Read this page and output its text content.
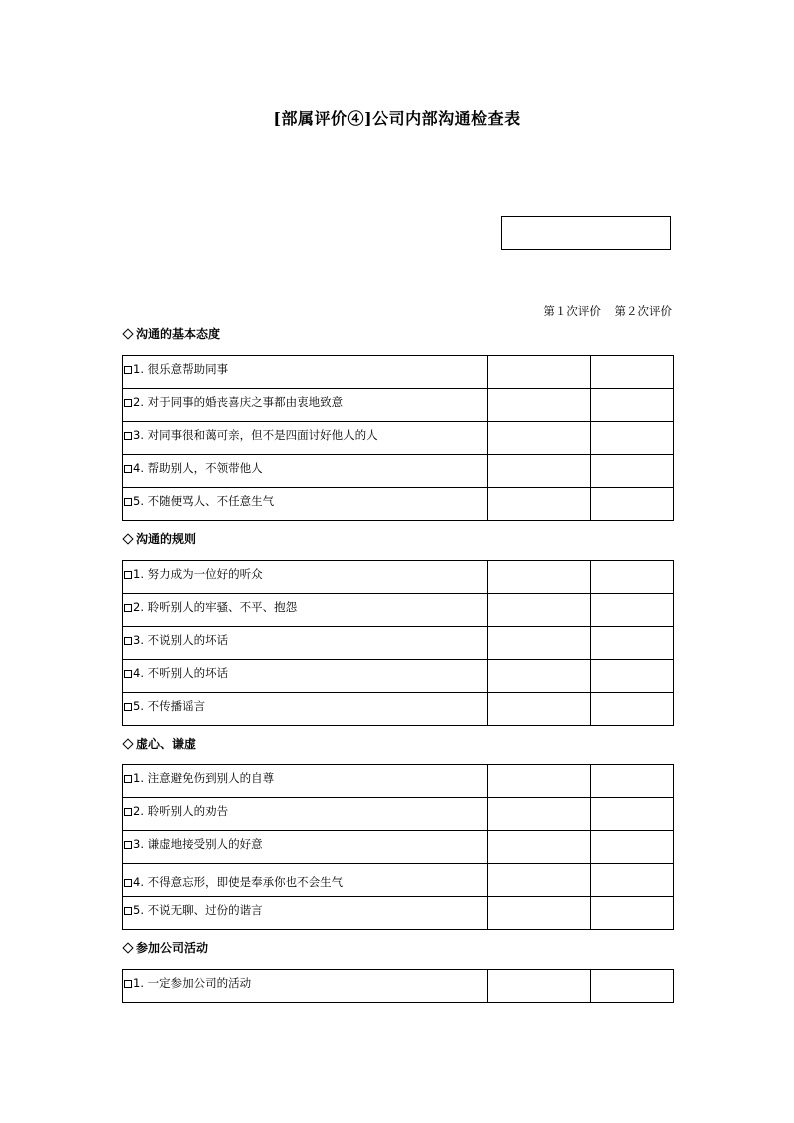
[部属评价④]公司内部沟通检查表
第１次评价 第２次评价
沟通的基本态度
1. 很乐意帮助同事		
2. 对于同事的婚丧喜庆之事都由衷地致意		
3. 对同事很和蔼可亲，但不是四面讨好他人的人		
4. 帮助别人，不领带他人		
5. 不随便骂人、不任意生气		
沟通的规则
1. 努力成为一位好的听众		
2. 聆听别人的牢骚、不平、抱怨		
3. 不说别人的坏话		
4. 不听别人的坏话		
5. 不传播谣言		
虚心、谦虚
1. 注意避免伤到别人的自尊		
2. 聆听别人的劝告		
3. 谦虚地接受别人的好意		
4. 不得意忘形，即使是奉承你也不会生气		
5. 不说无聊、过份的谐言		
参加公司活动
1. 一定参加公司的活动		
